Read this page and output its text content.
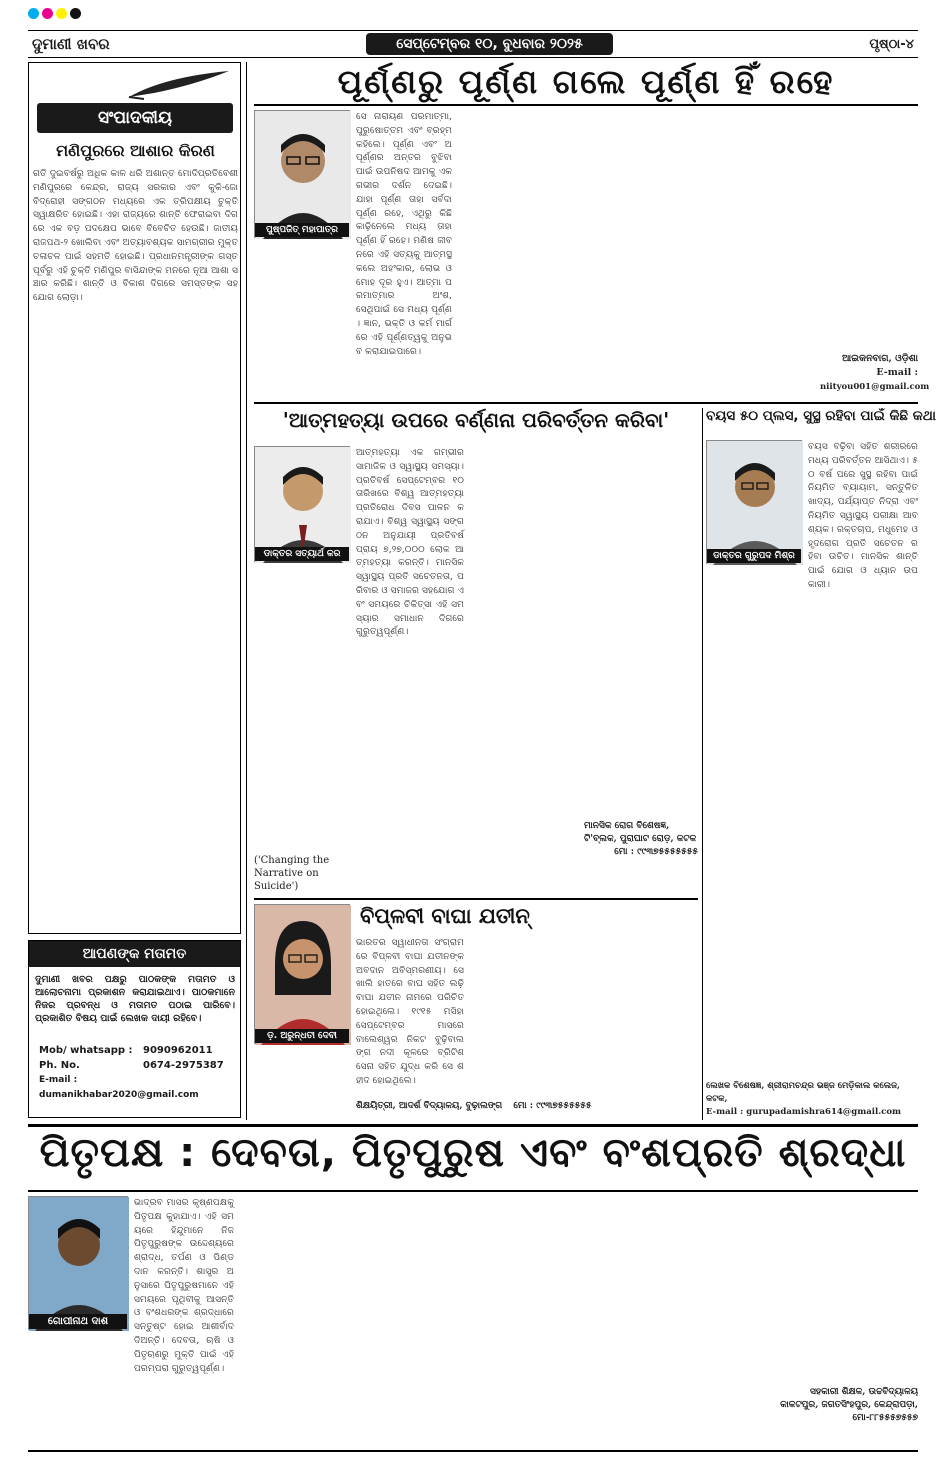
ଦୁମାଣୀ ଖବର	ସେପ୍ଟେମ୍ବର ୧୦, ବୁଧବାର ୨୦୨୫	ପୃଷ୍ଠା-୪
ସଂପାଦକୀୟ
ମଣିପୁରରେ ଆଶାର କିରଣ
ଗତି ଦୁଇବର୍ଷରୁ ଅଧିକ କାଳ ଧରି ଅଶାନ୍ତ ମୋଦିପ୍ରତିବେଶୀ ମଣିପୁରରେ କେନ୍ଦ୍ର, ରାଜ୍ୟ ସରକାର ଏବଂ କୁକି-ଜୋ ବିଦ୍ରୋହୀ ସଙ୍ଗଠନ ମଧ୍ୟରେ ଏକ ତ୍ରିପକ୍ଷୀୟ ଚୁକ୍ତି ସ୍ୱାକ୍ଷରିତ ହୋଇଛି। ଏହା ରାଜ୍ୟରେ ଶାନ୍ତି ଫେରାଇବା ଦିଗରେ ଏକ ବଡ଼ ପଦକ୍ଷେପ ଭାବେ ବିବେଚିତ ହେଉଛି। ଜାତୀୟ ରାଜପଥ-୨ ଖୋଲିବା ଏବଂ ଅତ୍ୟାବଶ୍ୟକ ସାମଗ୍ରୀର ମୁକ୍ତ ଚଳାଚଳ ପାଇଁ ସହମତି ହୋଇଛି। ପ୍ରଧାନମନ୍ତ୍ରୀଙ୍କ ଗସ୍ତ ପୂର୍ବରୁ ଏହି ଚୁକ୍ତି ମଣିପୁର ବାସିନ୍ଦାଙ୍କ ମନରେ ନୂଆ ଆଶା ସଞ୍ଚାର କରିଛି। ଶାନ୍ତି ଓ ବିକାଶ ଦିଗରେ ସମସ୍ତଙ୍କ ସହଯୋଗ ଲୋଡ଼ା।
ଆପଣଙ୍କ ମତାମତ
ଦୁମାଣୀ ଖବର ପକ୍ଷରୁ ପାଠକଙ୍କ ମତାମତ ଓ ଆଲୋଚନାମା ପ୍ରକାଶନ କରାଯାଇଥାଏ। ପାଠକମାନେ ନିଜର ପ୍ରବନ୍ଧ ଓ ମତାମତ ପଠାଇ ପାରିବେ। ପ୍ରକାଶିତ ବିଷୟ ପାଇଁ ଲେଖକ ଦାୟୀ ରହିବେ।
Mob/ whatsapp : 9090962011
Ph. No.	0674-2975387
E-mail : dumanikhabar2020@gmail.com
ପୂର୍ଣ୍ଣରୁ ପୂର୍ଣ୍ଣ ଗଲେ ପୂର୍ଣ୍ଣ ହିଁ ରହେ
ପୁଷ୍ପଜିତ୍ ମହାପାତ୍ର
ସେ ନାରାୟଣ ପରମାତ୍ମା, ପୁରୁଷୋତ୍ତମ ଏବଂ ବ୍ରହ୍ମ କହିଲେ। ପୂର୍ଣ୍ଣ ଏବଂ ଅପୂର୍ଣ୍ଣର ଅନ୍ତର ବୁଝିବା ପାଇଁ ଉପନିଷଦ ଆମକୁ ଏକ ଗଭୀର ଦର୍ଶନ ଦେଇଛି। ଯାହା ପୂର୍ଣ୍ଣ ତାହା ସର୍ବଦା ପୂର୍ଣ୍ଣ ରହେ, ଏଥିରୁ କିଛି କାଢ଼ିନେଲେ ମଧ୍ୟ ତାହା ପୂର୍ଣ୍ଣ ହିଁ ରହେ। ମଣିଷ ଜୀବନରେ ଏହି ସତ୍ୟକୁ ଆତ୍ମସ୍ଥ କଲେ ଅହଂକାର, ଲୋଭ ଓ ମୋହ ଦୂର ହୁଏ। ଆତ୍ମା ପରମାତ୍ମାର ଅଂଶ, ସେଥିପାଇଁ ସେ ମଧ୍ୟ ପୂର୍ଣ୍ଣ। ଜ୍ଞାନ, ଭକ୍ତି ଓ କର୍ମ ମାର୍ଗରେ ଏହି ପୂର୍ଣ୍ଣତ୍ୱକୁ ଅନୁଭବ କରାଯାଇପାରେ।
ଆଇକନବାଗ, ଓଡ଼ିଶା
E-mail :
niityou001@gmail.com
'ଆତ୍ମହତ୍ୟା ଉପରେ ବର୍ଣ୍ଣନା ପରିବର୍ତ୍ତନ କରିବା'
ଡାକ୍ତର ସତ୍ୟାର୍ଥ କର
ଆତ୍ମହତ୍ୟା ଏକ ଗମ୍ଭୀର ସାମାଜିକ ଓ ସ୍ୱାସ୍ଥ୍ୟ ସମସ୍ୟା। ପ୍ରତିବର୍ଷ ସେପ୍ଟେମ୍ବର ୧୦ ତାରିଖରେ ବିଶ୍ୱ ଆତ୍ମହତ୍ୟା ପ୍ରତିରୋଧ ଦିବସ ପାଳନ କରାଯାଏ। ବିଶ୍ୱ ସ୍ୱାସ୍ଥ୍ୟ ସଙ୍ଗଠନ ଅନୁଯାୟୀ ପ୍ରତିବର୍ଷ ପ୍ରାୟ ୭,୨୭,୦୦୦ ଲୋକ ଆତ୍ମହତ୍ୟା କରନ୍ତି। ମାନସିକ ସ୍ୱାସ୍ଥ୍ୟ ପ୍ରତି ସଚେତନତା, ପରିବାର ଓ ସମାଜର ସହଯୋଗ ଏବଂ ସମୟରେ ଚିକିତ୍ସା ଏହି ସମସ୍ୟାର ସମାଧାନ ଦିଗରେ ଗୁରୁତ୍ୱପୂର୍ଣ୍ଣ।
('Changing the Narrative on Suicide')
ମାନସିକ ରୋଗ ବିଶେଷଜ୍ଞ, ଟି'ବ୍ଲକ, ପୁରାଘାଟ ରୋଡ଼, କଟକ
ମୋ : ୯୯୩୭୫୫୫୫୫୫୫
ବୟସ ୫୦ ପ୍ଲସ, ସୁସ୍ଥ ରହିବା ପାଇଁ କିଛି କଥା
ଡାକ୍ତର ଗୁରୁପଦ ମିଶ୍ର
ବୟସ ବଢ଼ିବା ସହିତ ଶରୀରରେ ମଧ୍ୟ ପରିବର୍ତ୍ତନ ଆସିଥାଏ। ୫୦ ବର୍ଷ ପରେ ସୁସ୍ଥ ରହିବା ପାଇଁ ନିୟମିତ ବ୍ୟାୟାମ, ସନ୍ତୁଳିତ ଖାଦ୍ୟ, ପର୍ଯ୍ୟାପ୍ତ ନିଦ୍ରା ଏବଂ ନିୟମିତ ସ୍ୱାସ୍ଥ୍ୟ ପରୀକ୍ଷା ଆବଶ୍ୟକ। ରକ୍ତଚାପ, ମଧୁମେହ ଓ ହୃଦରୋଗ ପ୍ରତି ସଚେତନ ରହିବା ଉଚିତ। ମାନସିକ ଶାନ୍ତି ପାଇଁ ଯୋଗ ଓ ଧ୍ୟାନ ଉପକାରୀ।
ଲେଖକ ବିଶେଷଜ୍ଞ, ଶ୍ରୀରାମଚନ୍ଦ୍ର ଭଞ୍ଜ ମେଡ଼ିକାଲ କଲେଜ, କଟକ,
E-mail : gurupadamishra614@gmail.com
ଡ଼. ଅରୁନ୍ଧତୀ ଦେବୀ
ବିପ୍ଳବୀ ବାଘା ଯତୀନ୍
ଭାରତର ସ୍ୱାଧୀନତା ସଂଗ୍ରାମରେ ବିପ୍ଳବୀ ବାଘା ଯତୀନଙ୍କ ଅବଦାନ ଅବିସ୍ମରଣୀୟ। ସେ ଖାଲି ହାତରେ ବାଘ ସହିତ ଲଢ଼ି ବାଘା ଯତୀନ ନାମରେ ପରିଚିତ ହୋଇଥିଲେ। ୧୯୧୫ ମସିହା ସେପ୍ଟେମ୍ବର ମାସରେ ବାଲେଶ୍ୱର ନିକଟ ବୁଢ଼ିବାଲଙ୍ଗ ନଦୀ କୂଳରେ ବ୍ରିଟିଶ ସେନା ସହିତ ଯୁଦ୍ଧ କରି ସେ ଶହୀଦ ହୋଇଥିଲେ।
ଶିକ୍ଷୟିତ୍ରୀ, ଆଦର୍ଶ ବିଦ୍ୟାଳୟ, ବୁଢ଼ାଲଙ୍ଗ ମୋ : ୯୯୩୭୫୫୫୫୫୫
ପିତୃପକ୍ଷ : ଦେବତା, ପିତୃପୁରୁଷ ଏବଂ ବଂଶପ୍ରତି ଶ୍ରଦ୍ଧା
ଗୋପୀନାଥ ଦାଶ
ଭାଦ୍ରବ ମାସର କୃଷ୍ଣପକ୍ଷକୁ ପିତୃପକ୍ଷ କୁହାଯାଏ। ଏହି ସମୟରେ ହିନ୍ଦୁମାନେ ନିଜ ପିତୃପୁରୁଷଙ୍କ ଉଦ୍ଦେଶ୍ୟରେ ଶ୍ରାଦ୍ଧ, ତର୍ପଣ ଓ ପିଣ୍ଡଦାନ କରନ୍ତି। ଶାସ୍ତ୍ର ଅନୁସାରେ ପିତୃପୁରୁଷମାନେ ଏହି ସମୟରେ ପୃଥିବୀକୁ ଆସନ୍ତି ଓ ବଂଶଧରଙ୍କ ଶ୍ରଦ୍ଧାରେ ସନ୍ତୁଷ୍ଟ ହୋଇ ଆଶୀର୍ବାଦ ଦିଅନ୍ତି। ଦେବତା, ଋଷି ଓ ପିତୃଋଣରୁ ମୁକ୍ତି ପାଇଁ ଏହି ପରମ୍ପରା ଗୁରୁତ୍ୱପୂର୍ଣ୍ଣ।
ସହକାରୀ ଶିକ୍ଷକ, ଉଚ୍ଚବିଦ୍ୟାଳୟ କାକଟପୁର, ଜଗତସିଂହପୁର, କେନ୍ଦ୍ରାପଡ଼ା,
ମୋ-୮୮୫୫୫୭୫୫୭
